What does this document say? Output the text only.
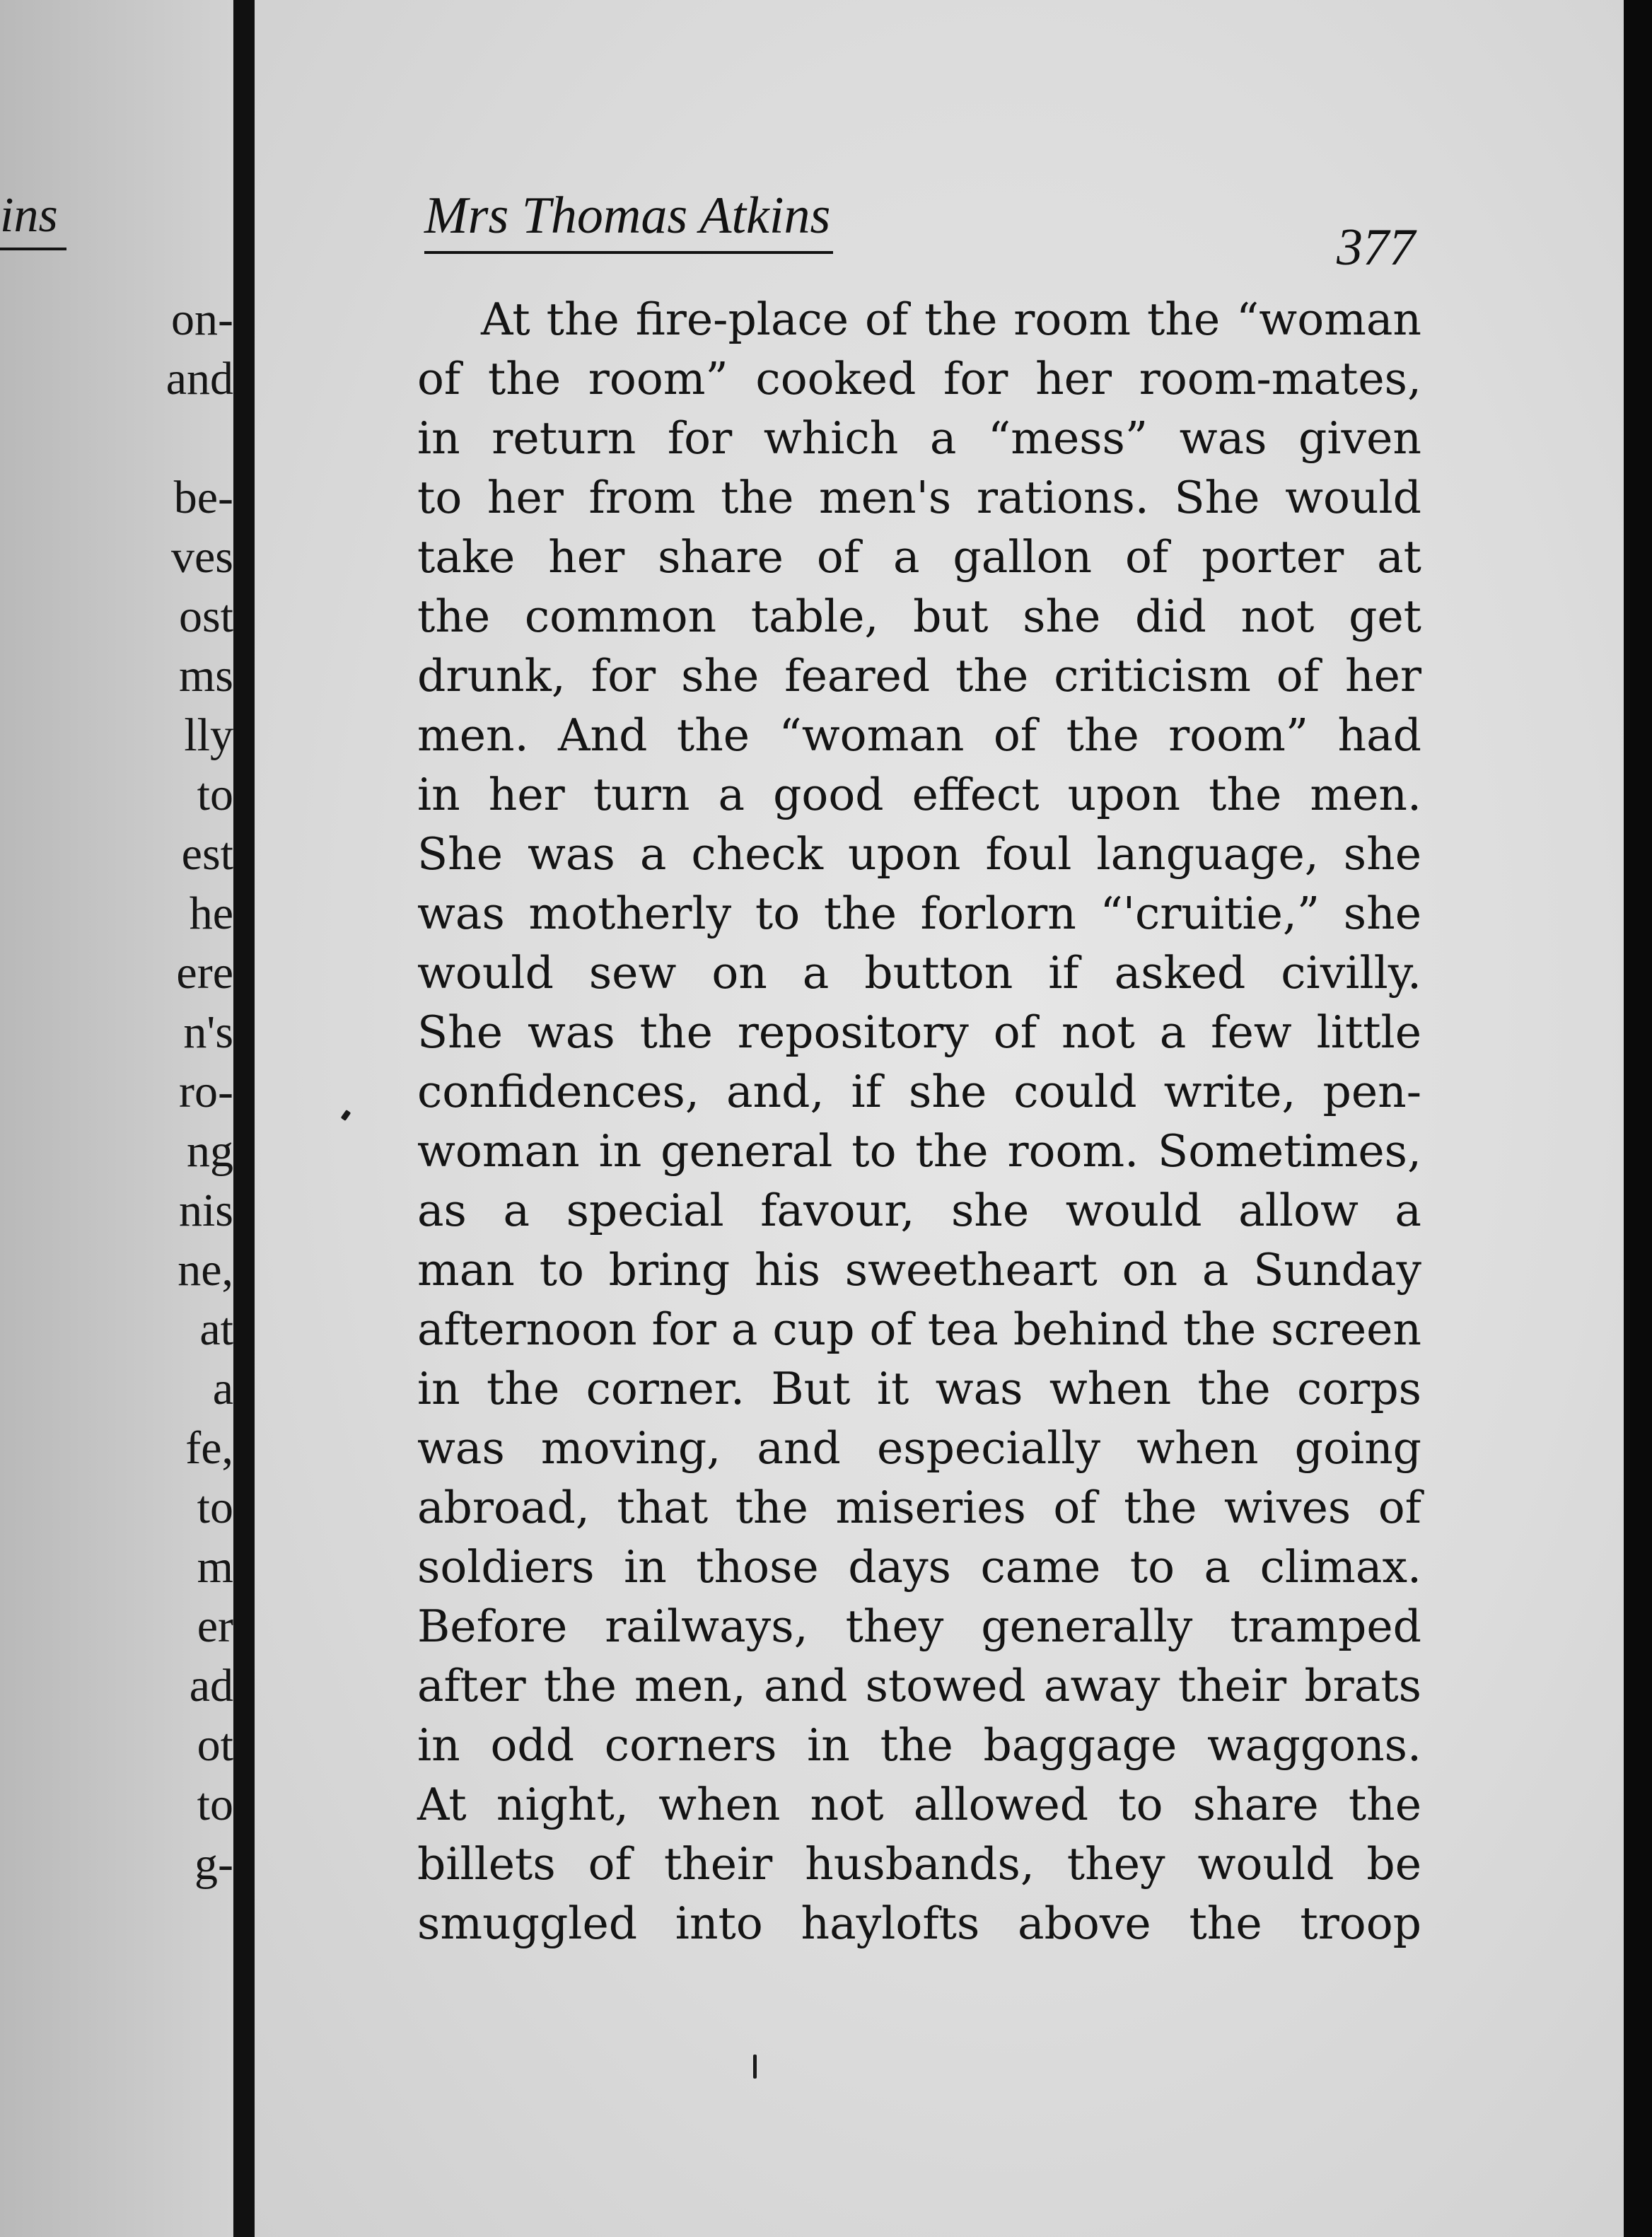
ins
on-
and
be-
ves
ost
ms
lly
to
est
he
ere
n's
ro-
ng
nis
ne,
at
a
fe,
to
m
er
ad
ot
to
g-
Mrs Thomas Atkins
377
At the fire-place of the room the “woman
of the room” cooked for her room-mates,
in return for which a “mess” was given
to her from the men's rations. She would
take her share of a gallon of porter at
the common table, but she did not get
drunk, for she feared the criticism of her
men. And the “woman of the room” had
in her turn a good effect upon the men.
She was a check upon foul language, she
was motherly to the forlorn “'cruitie,” she
would sew on a button if asked civilly.
She was the repository of not a few little
confidences, and, if she could write, pen-
woman in general to the room. Sometimes,
as a special favour, she would allow a
man to bring his sweetheart on a Sunday
afternoon for a cup of tea behind the screen
in the corner. But it was when the corps
was moving, and especially when going
abroad, that the miseries of the wives of
soldiers in those days came to a climax.
Before railways, they generally tramped
after the men, and stowed away their brats
in odd corners in the baggage waggons.
At night, when not allowed to share the
billets of their husbands, they would be
smuggled into haylofts above the troop
